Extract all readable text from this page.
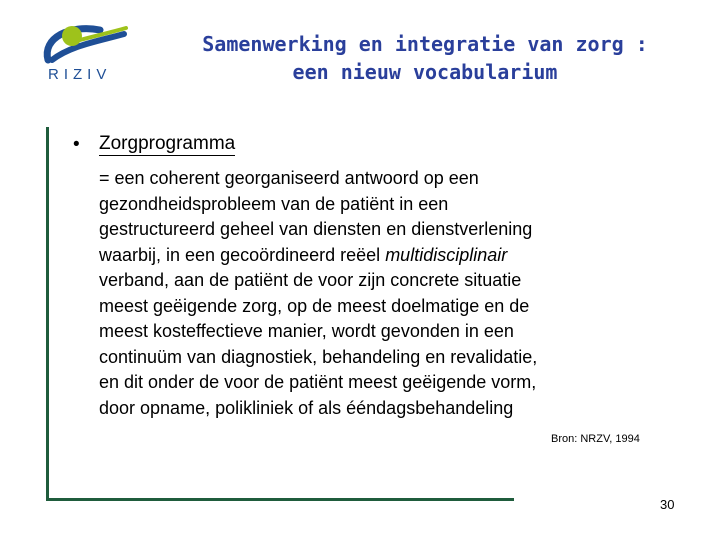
RIZIV
Samenwerking en integratie van zorg :
een nieuw vocabularium
• Zorgprogramma
= een coherent georganiseerd antwoord op een
gezondheidsprobleem van de patiënt in een
gestructureerd geheel van diensten en dienstverlening
waarbij, in een gecoördineerd reëel multidisciplinair
verband, aan de patiënt de voor zijn concrete situatie
meest geëigende zorg, op de meest doelmatige en de
meest kosteffectieve manier, wordt gevonden in een
continuüm van diagnostiek, behandeling en revalidatie,
en dit onder de voor de patiënt meest geëigende vorm,
door opname, polikliniek of als ééndagsbehandeling
Bron: NRZV, 1994
30
